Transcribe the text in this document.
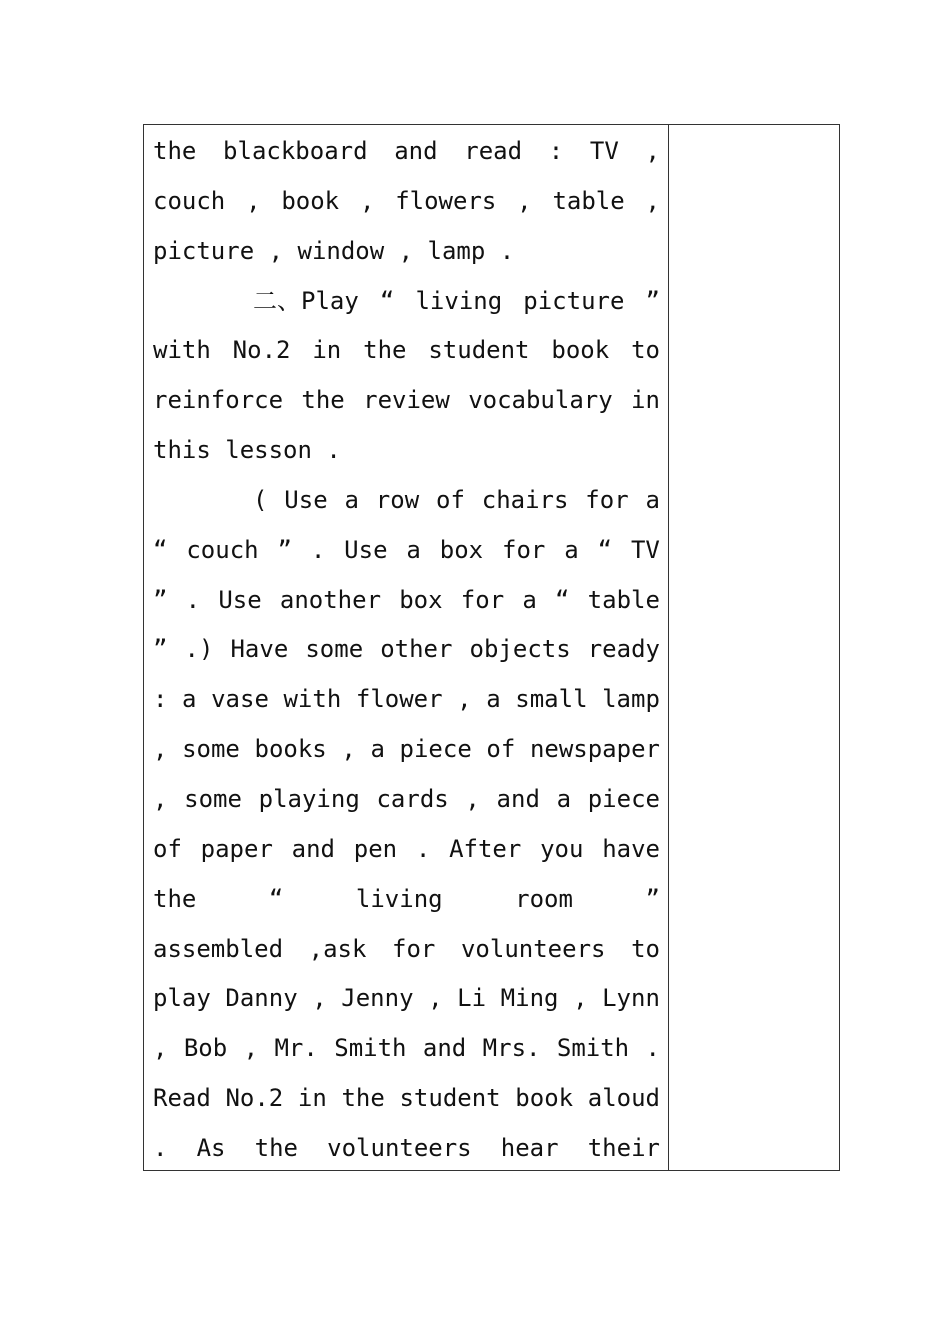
the blackboard and read : TV ,
couch , book , flowers , table ,
picture , window , lamp .
二、Play “ living picture ”
with No.2 in the student book to
reinforce the review vocabulary in
this lesson .
( Use a row of chairs for a
“ couch ” . Use a box for a “ TV
” . Use another box for a “ table
” .) Have some other objects ready
: a vase with flower , a small lamp
, some books , a piece of newspaper
, some playing cards , and a piece
of paper and pen . After you have
the	“	living	room	”
assembled ,ask for volunteers to
play Danny , Jenny , Li Ming , Lynn
, Bob , Mr. Smith and Mrs. Smith .
Read No.2 in the student book aloud
. As the volunteers hear their
